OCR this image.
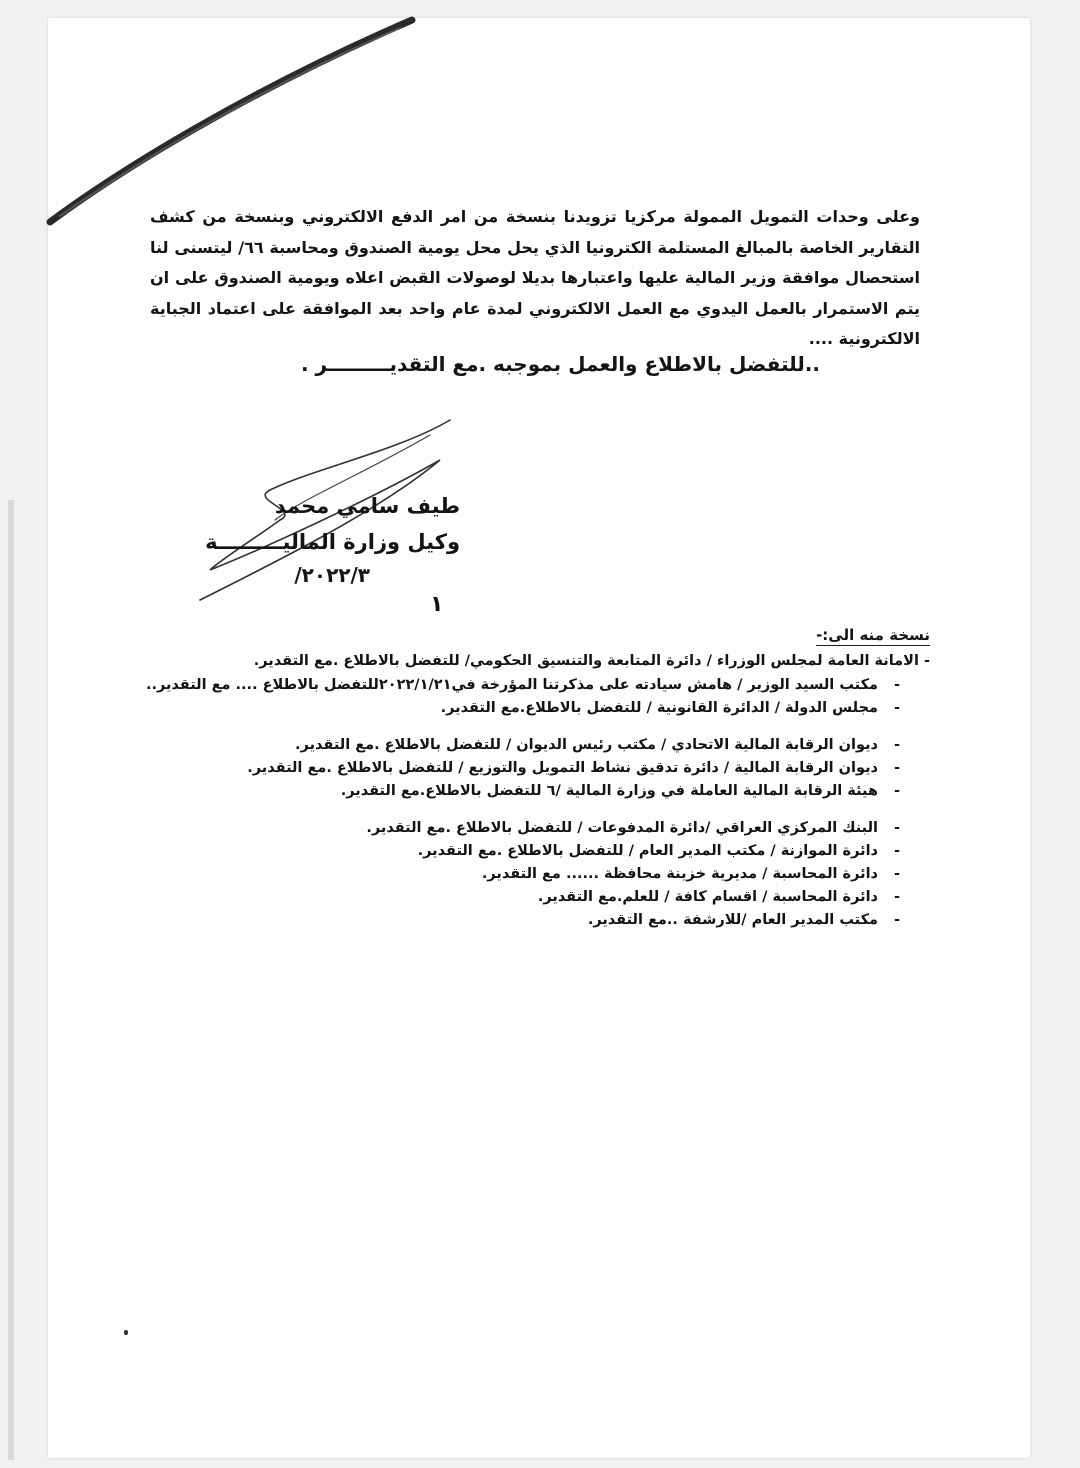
وعلى وحدات التمويل الممولة مركزيا تزويدنا بنسخة من امر الدفع الالكتروني وبنسخة من كشف التقارير الخاصة بالمبالغ المستلمة الكترونيا الذي يحل محل يومية الصندوق ومحاسبة ٦٦/ ليتسنى لنا استحصال موافقة وزير المالية عليها واعتبارها بديلا لوصولات القبض اعلاه ويومية الصندوق على ان يتم الاستمرار بالعمل اليدوي مع العمل الالكتروني لمدة عام واحد بعد الموافقة على اعتماد الجباية الالكترونية ....
..للتفضل بالاطلاع والعمل بموجبه .مع التقديـــــــــر .
طيف سامي محمد
وكيل وزارة الماليـــــــــة
٢٠٢٢/٣/
١
نسخة منه الى:-
- الامانة العامة لمجلس الوزراء / دائرة المتابعة والتنسيق الحكومي/ للتفضل بالاطلاع .مع التقدير.
- مكتب السيد الوزير / هامش سيادته على مذكرتنا المؤرخة في٢٠٢٢/١/٢١للتفضل بالاطلاع .... مع التقدير..
- مجلس الدولة / الدائرة القانونية / للتفضل بالاطلاع.مع التقدير.
- ديوان الرقابة المالية الاتحادي / مكتب رئيس الديوان / للتفضل بالاطلاع .مع التقدير.
- ديوان الرقابة المالية / دائرة تدقيق نشاط التمويل والتوزيع / للتفضل بالاطلاع .مع التقدير.
- هيئة الرقابة المالية العاملة في وزارة المالية /٦ للتفضل بالاطلاع.مع التقدير.
- البنك المركزي العراقي /دائرة المدفوعات / للتفضل بالاطلاع .مع التقدير.
- دائرة الموازنة / مكتب المدير العام / للتفضل بالاطلاع .مع التقدير.
- دائرة المحاسبة / مديرية خزينة محافظة ...... مع التقدير.
- دائرة المحاسبة / اقسام كافة / للعلم.مع التقدير.
- مكتب المدير العام /للارشفة ..مع التقدير.
